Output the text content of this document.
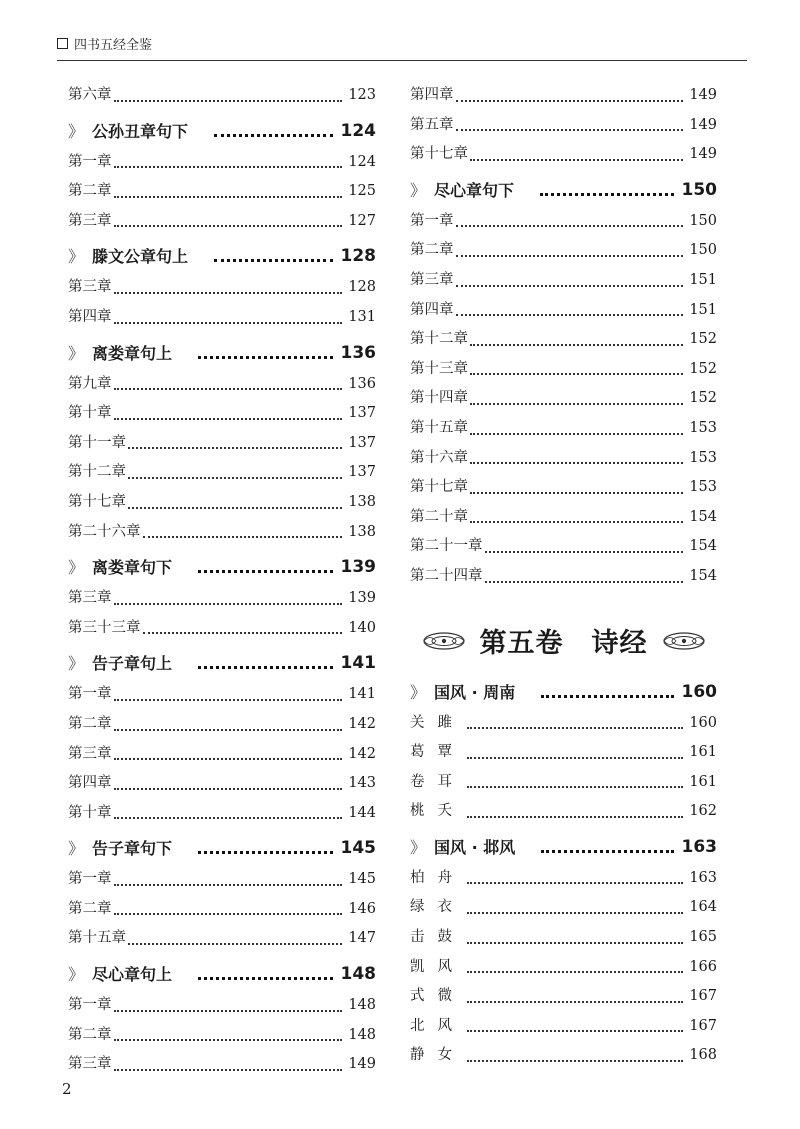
四书五经全鉴
第六章	123
》 公孙丑章句下	124
第一章	124
第二章	125
第三章	127
》 滕文公章句上	128
第三章	128
第四章	131
》 离娄章句上	136
第九章	136
第十章	137
第十一章	137
第十二章	137
第十七章	138
第二十六章	138
》 离娄章句下	139
第三章	139
第三十三章	140
》 告子章句上	141
第一章	141
第二章	142
第三章	142
第四章	143
第十章	144
》 告子章句下	145
第一章	145
第二章	146
第十五章	147
》 尽心章句上	148
第一章	148
第二章	148
第三章	149
第四章	149
第五章	149
第十七章	149
》 尽心章句下	150
第一章	150
第二章	150
第三章	151
第四章	151
第十二章	152
第十三章	152
第十四章	152
第十五章	153
第十六章	153
第十七章	153
第二十章	154
第二十一章	154
第二十四章	154
第五卷　诗经
》 国风 · 周南	160
关雎	160
葛覃	161
卷耳	161
桃夭	162
》 国风 · 邶风	163
柏舟	163
绿衣	164
击鼓	165
凯风	166
式微	167
北风	167
静女	168
2
